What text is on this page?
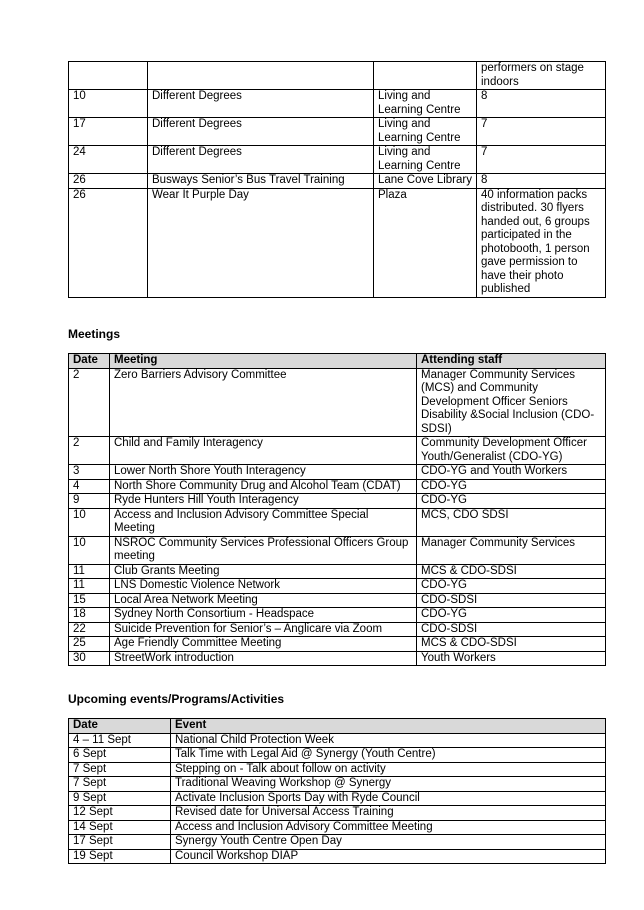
			performers on stage indoors
10	Different Degrees	Living and Learning Centre	8
17	Different Degrees	Living and Learning Centre	7
24	Different Degrees	Living and Learning Centre	7
26	Busways Senior’s Bus Travel Training	Lane Cove Library	8
26	Wear It Purple Day	Plaza	40 information packs distributed. 30 flyers handed out, 6 groups participated in the photobooth, 1 person gave permission to have their photo published
Meetings
Date	Meeting	Attending staff
2	Zero Barriers Advisory Committee	Manager Community Services (MCS) and Community Development Officer Seniors Disability &Social Inclusion (CDO-SDSI)
2	Child and Family Interagency	Community Development Officer Youth/Generalist (CDO-YG)
3	Lower North Shore Youth Interagency	CDO-YG and Youth Workers
4	North Shore Community Drug and Alcohol Team (CDAT)	CDO-YG
9	Ryde Hunters Hill Youth Interagency	CDO-YG
10	Access and Inclusion Advisory Committee Special Meeting	MCS, CDO SDSI
10	NSROC Community Services Professional Officers Group meeting	Manager Community Services
11	Club Grants Meeting	MCS & CDO-SDSI
11	LNS Domestic Violence Network	CDO-YG
15	Local Area Network Meeting	CDO-SDSI
18	Sydney North Consortium - Headspace	CDO-YG
22	Suicide Prevention for Senior’s – Anglicare via Zoom	CDO-SDSI
25	Age Friendly Committee Meeting	MCS & CDO-SDSI
30	StreetWork introduction	Youth Workers
Upcoming events/Programs/Activities
Date	Event
4 – 11 Sept	National Child Protection Week
6 Sept	Talk Time with Legal Aid @ Synergy (Youth Centre)
7 Sept	Stepping on - Talk about follow on activity
7 Sept	Traditional Weaving Workshop @ Synergy
9 Sept	Activate Inclusion Sports Day with Ryde Council
12 Sept	Revised date for Universal Access Training
14 Sept	Access and Inclusion Advisory Committee Meeting
17 Sept	Synergy Youth Centre Open Day
19 Sept	Council Workshop DIAP
